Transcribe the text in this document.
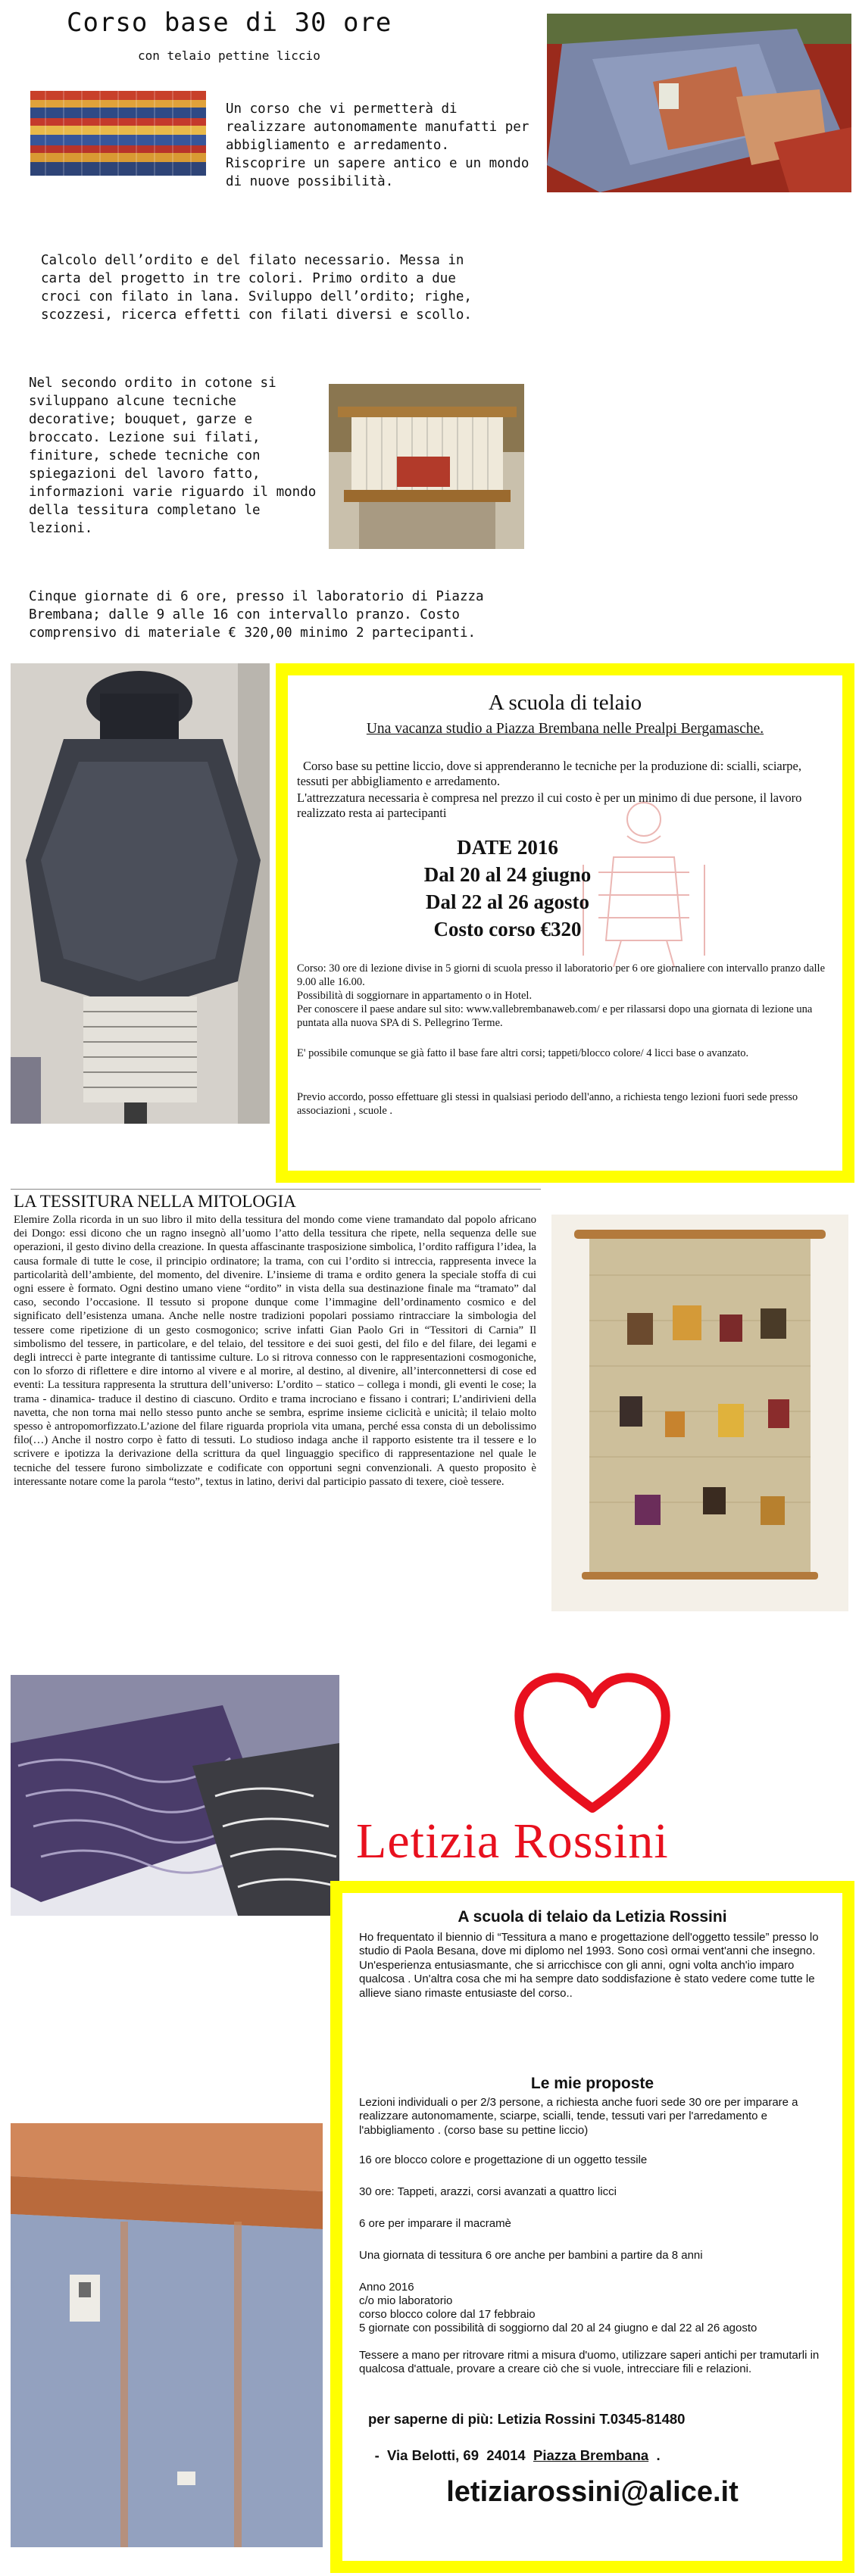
Corso base di 30 ore
con telaio pettine liccio
Un corso che vi permetterà di realizzare autonomamente manufatti per abbigliamento e arredamento. Riscoprire un sapere antico e un mondo di nuove possibilità.
Calcolo dell’ordito e del filato necessario. Messa in carta del progetto in tre colori. Primo ordito a due croci con filato in lana. Sviluppo dell’ordito; righe, scozzesi, ricerca effetti con filati diversi e scollo.
Nel secondo ordito in cotone si sviluppano alcune tecniche decorative; bouquet, garze e broccato. Lezione sui filati, finiture, schede tecniche con spiegazioni del lavoro fatto, informazioni varie riguardo il mondo della tessitura completano le lezioni.
Cinque giornate di 6 ore, presso il laboratorio di Piazza Brembana; dalle 9 alle 16 con intervallo pranzo. Costo comprensivo di materiale € 320,00 minimo 2 partecipanti.
A scuola di telaio
Una vacanza studio a Piazza Brembana nelle Prealpi Bergamasche.

Corso base su pettine liccio, dove si apprenderanno le tecniche per la produzione di: scialli, sciarpe, tessuti per abbigliamento e arredamento.

L'attrezzatura necessaria è compresa nel prezzo il cui costo è per un minimo di due persone, il lavoro realizzato resta ai partecipanti

DATE 2016
Dal 20 al 24 giugno
Dal 22 al 26 agosto
Costo corso €320

Corso: 30 ore di lezione divise in 5 giorni di scuola presso il laboratorio per 6 ore giornaliere con intervallo pranzo dalle 9.00 alle 16.00.

Possibilità di soggiornare in appartamento o in Hotel.

Per conoscere il paese andare sul sito: www.vallebrembanaweb.com/ e per rilassarsi dopo una giornata di lezione una puntata alla nuova SPA di S. Pellegrino Terme.

E' possibile comunque se già fatto il base fare altri corsi; tappeti/blocco colore/ 4 licci base o avanzato.

Previo accordo, posso effettuare gli stessi in qualsiasi periodo dell'anno, a richiesta tengo lezioni fuori sede presso associazioni , scuole .

LA TESSITURA NELLA MITOLOGIA

Elemire Zolla ricorda in un suo libro il mito della tessitura del mondo come viene tramandato dal popolo africano dei Dongo: essi dicono che un ragno insegnò all’uomo l’atto della tessitura che ripete, nella sequenza delle sue operazioni, il gesto divino della creazione. In questa affascinante trasposizione simbolica, l’ordito raffigura l’idea, la causa formale di tutte le cose, il principio ordinatore; la trama, con cui l’ordito si intreccia, rappresenta invece la particolarità dell’ambiente, del momento, del divenire. L’insieme di trama e ordito genera la speciale stoffa di cui ogni essere è formato. Ogni destino umano viene “ordito” in vista della sua destinazione finale ma “tramato” dal caso, secondo l’occasione. Il tessuto si propone dunque come l’immagine dell’ordinamento cosmico e del significato dell’esistenza umana. Anche nelle nostre tradizioni popolari possiamo rintracciare la simbologia del tessere come ripetizione di un gesto cosmogonico; scrive infatti Gian Paolo Gri in “Tessitori di Carnia” Il simbolismo del tessere, in particolare, e del telaio, del tessitore e dei suoi gesti, del filo e del filare, dei legami e degli intrecci è parte integrante di tantissime culture. Lo si ritrova connesso con le rappresentazioni cosmogoniche, con lo sforzo di riflettere e dire intorno al vivere e al morire, al destino, al divenire, all’interconnettersi di cose ed eventi: La tessitura rappresenta la struttura dell’universo: L’ordito – statico – collega i mondi, gli eventi le cose; la trama - dinamica- traduce il destino di ciascuno. Ordito e trama incrociano e fissano i contrari; L’andirivieni della navetta, che non torna mai nello stesso punto anche se sembra, esprime insieme ciclicità e unicità; il telaio molto spesso è antropomorfizzato.L’azione del filare riguarda propriola vita umana, perché essa consta di un debolissimo filo(…) Anche il nostro corpo è fatto di tessuti. Lo studioso indaga anche il rapporto esistente tra il tessere e lo scrivere e ipotizza la derivazione della scrittura da quel linguaggio specifico di rappresentazione nel quale le tecniche del tessere furono simbolizzate e codificate con opportuni segni convenzionali. A questo proposito è interessante notare come la parola “testo”, textus in latino, derivi dal participio passato di texere, cioè tessere.

Letizia Rossini
A scuola di telaio da Letizia Rossini

Ho frequentato il biennio di “Tessitura a mano e progettazione dell'oggetto tessile” presso lo studio di Paola Besana, dove mi diplomo nel 1993. Sono così ormai vent'anni che insegno. Un'esperienza entusiasmante, che si arricchisce con gli anni, ogni volta anch'io imparo qualcosa . Un'altra cosa che mi ha sempre dato soddisfazione è stato vedere come tutte le allieve siano rimaste entusiaste del corso..

Le mie proposte

Lezioni individuali o per 2/3 persone, a richiesta anche fuori sede 30 ore per imparare a realizzare autonomamente, sciarpe, scialli, tende, tessuti vari per l'arredamento e l'abbigliamento . (corso base su pettine liccio)

16 ore blocco colore e progettazione di un oggetto tessile

30 ore: Tappeti, arazzi, corsi avanzati a quattro licci

6 ore per imparare il macramè

Una giornata di tessitura 6 ore anche per bambini a partire da 8 anni

Anno 2016

c/o mio laboratorio

corso blocco colore dal 17 febbraio

5 giornate con possibilità di soggiorno dal 20 al 24 giugno e dal 22 al 26 agosto

Tessere a mano per ritrovare ritmi a misura d'uomo, utilizzare saperi antichi per tramutarli in qualcosa d'attuale, provare a creare ciò che si vuole, intrecciare fili e relazioni.

per saperne di più: Letizia Rossini T.0345-81480

-  Via Belotti, 69  24014  Piazza Brembana  .

letiziarossini@alice.it
